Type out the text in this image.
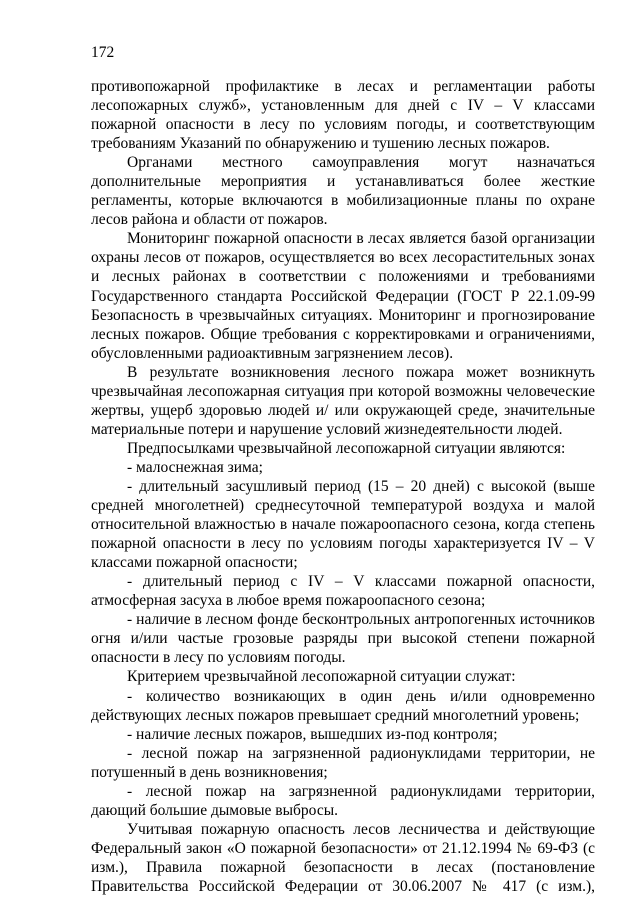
172

противопожарной профилактике в лесах и регламентации работы лесопожарных служб», установленным для дней с IV – V классами пожарной опасности в лесу по условиям погоды, и соответствующим требованиям Указаний по обнаружению и тушению лесных пожаров.

Органами местного самоуправления могут назначаться дополнительные мероприятия и устанавливаться более жесткие регламенты, которые включаются в мобилизационные планы по охране лесов района и области от пожаров.

Мониторинг пожарной опасности в лесах является базой организации охраны лесов от пожаров, осуществляется во всех лесорастительных зонах и лесных районах в соответствии с положениями и требованиями Государственного стандарта Российской Федерации (ГОСТ Р 22.1.09-99 Безопасность в чрезвычайных ситуациях. Мониторинг и прогнозирование лесных пожаров. Общие требования с корректировками и ограничениями, обусловленными радиоактивным загрязнением лесов).

В результате возникновения лесного пожара может возникнуть чрезвычайная лесопожарная ситуация при которой возможны человеческие жертвы, ущерб здоровью людей и/ или окружающей среде, значительные материальные потери и нарушение условий жизнедеятельности людей.

Предпосылками чрезвычайной лесопожарной ситуации являются:

- малоснежная зима;

- длительный засушливый период (15 – 20 дней) с высокой (выше средней многолетней) среднесуточной температурой воздуха и малой относительной влажностью в начале пожароопасного сезона, когда степень пожарной опасности в лесу по условиям погоды характеризуется IV – V классами пожарной опасности;

- длительный период с IV – V классами пожарной опасности, атмосферная засуха в любое время пожароопасного сезона;

- наличие в лесном фонде бесконтрольных антропогенных источников огня и/или частые грозовые разряды при высокой степени пожарной опасности в лесу по условиям погоды.

Критерием чрезвычайной лесопожарной ситуации служат:

- количество возникающих в один день и/или одновременно действующих лесных пожаров превышает средний многолетний уровень;

- наличие лесных пожаров, вышедших из-под контроля;

- лесной пожар на загрязненной радионуклидами территории, не потушенный в день возникновения;

- лесной пожар на загрязненной радионуклидами территории, дающий большие дымовые выбросы.

Учитывая пожарную опасность лесов лесничества и действующие Федеральный закон «О пожарной безопасности» от 21.12.1994 № 69-ФЗ (с изм.), Правила пожарной безопасности в лесах (постановление Правительства Российской Федерации от 30.06.2007 № 417 (с изм.),
